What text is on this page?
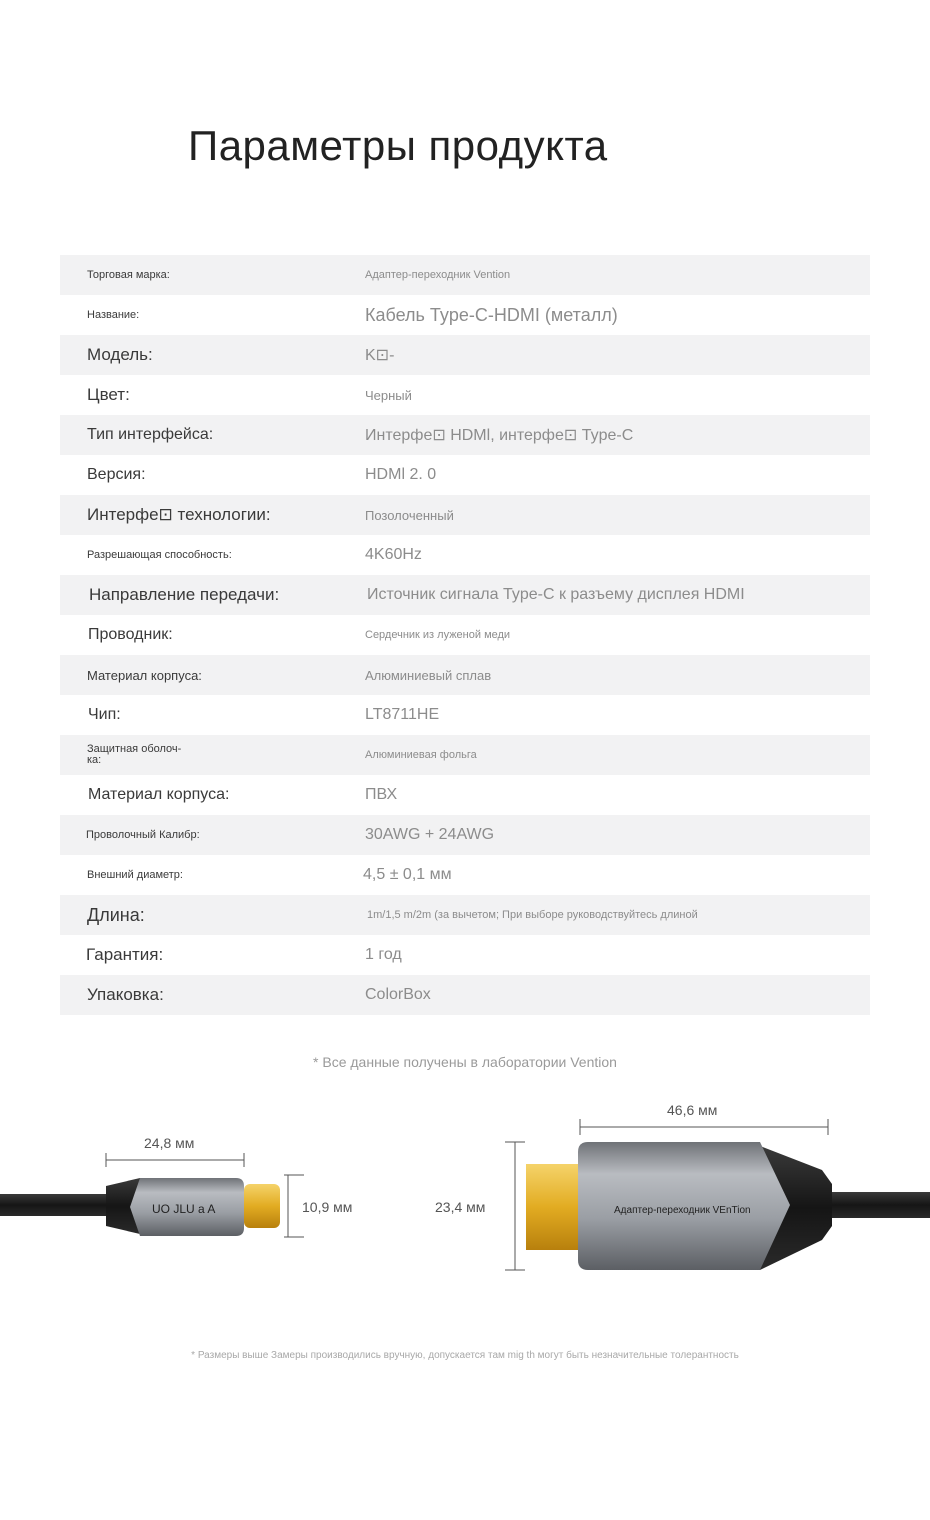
Параметры продукта
Торговая марка:	Адаптер-переходник Vention
Название:	Кабель Type-C-HDMI (металл)
Модель:	K⊡-
Цвет:	Черный
Тип интерфейса:	Интерфе⊡ HDMl, интерфе⊡ Type-C
Версия:	HDMl 2. 0
Интерфе⊡ технологии:	Позолоченный
Разрешающая способность:	4K60Hz
Направление передачи:	Источник сигнала Type-C к разъему дисплея HDMI
Проводник:	Сердечник из луженой меди
Материал корпуса:	Алюминиевый сплав
Чип:	LT8711HE
Защитная оболоч-ка:	Алюминиевая фольга
Материал корпуса:	ПВХ
Проволочный Калибр:	30AWG + 24AWG
Внешний диаметр:	4,5 ± 0,1 мм
Длина:	1m/1,5 m/2m (за вычетом; При выборе руководствуйтесь длиной
Гарантия:	1 год
Упаковка:	ColorBox
* Все данные получены в лаборатории Vention
24,8 мм
10,9 мм
46,6 мм
23,4 мм
UO JLU a A	Адаптер-переходник VEnTion
* Размеры выше Замеры производились вручную, допускается там mig th могут быть незначительные толерантность
